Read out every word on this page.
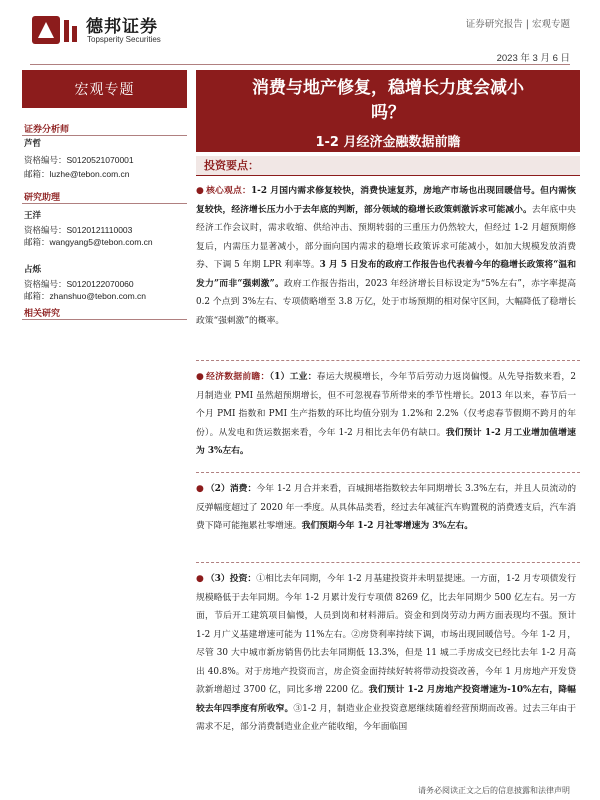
德邦证券
Topsperity Securities
证券研究报告 | 宏观专题
2023 年 3 月 6 日
宏观专题
证券分析师
芦哲
资格编号：S0120521070001
邮箱：luzhe@tebon.com.cn
研究助理
王洋
资格编号：S0120121110003
邮箱：wangyang5@tebon.com.cn
占烁
资格编号：S0120122070060
邮箱：zhanshuo@tebon.com.cn
相关研究
消费与地产修复，稳增长力度会减小
吗？
1-2 月经济金融数据前瞻
投资要点：
● 核心观点：1-2 月国内需求修复较快，消费快速复苏，房地产市场也出现回暖信号。但内需恢复较快，经济增长压力小于去年底的判断，部分领域的稳增长政策刺激诉求可能减小。去年底中央经济工作会议时，需求收缩、供给冲击、预期转弱的三重压力仍然较大，但经过 1-2 月超预期修复后，内需压力显著减小，部分面向国内需求的稳增长政策诉求可能减小，如加大规模发放消费券、下调 5 年期 LPR 利率等。3 月 5 日发布的政府工作报告也代表着今年的稳增长政策将“温和发力”而非“强刺激”。政府工作报告指出，2023 年经济增长目标设定为“5%左右”，赤字率提高 0.2 个点到 3%左右、专项债略增至 3.8 万亿，处于市场预期的相对保守区间，大幅降低了稳增长政策“强刺激”的概率。
● 经济数据前瞻：（1）工业：春运大规模增长，今年节后劳动力返岗偏慢。从先导指数来看，2 月制造业 PMI 虽然超预期增长，但不可忽视春节所带来的季节性增长。2013 年以来，春节后一个月 PMI 指数和 PMI 生产指数的环比均值分别为 1.2%和 2.2%（仅考虑春节假期不跨月的年份）。从发电和货运数据来看，今年 1-2 月相比去年仍有缺口。我们预计 1-2 月工业增加值增速为 3%左右。
● （2）消费：今年 1-2 月合并来看，百城拥堵指数较去年同期增长 3.3%左右，并且人员流动的反弹幅度超过了 2020 年一季度。从具体品类看，经过去年减征汽车购置税的消费透支后，汽车消费下降可能拖累社零增速。我们预期今年 1-2 月社零增速为 3%左右。
● （3）投资：①相比去年同期，今年 1-2 月基建投资并未明显提速。一方面，1-2 月专项债发行规模略低于去年同期。今年 1-2 月累计发行专项债 8269 亿，比去年同期少 500 亿左右。另一方面，节后开工建筑项目偏慢，人员到岗和材料滞后。资金和到岗劳动力两方面表现均不强。预计 1-2 月广义基建增速可能为 11%左右。②房贷利率持续下调，市场出现回暖信号。今年 1-2 月，尽管 30 大中城市新房销售仍比去年同期低 13.3%，但是 11 城二手房成交已经比去年 1-2 月高出 40.8%。对于房地产投资而言，房企资金面持续好转将带动投资改善，今年 1 月房地产开发贷款新增超过 3700 亿，同比多增 2200 亿。我们预计 1-2 月房地产投资增速为-10%左右，降幅较去年四季度有所收窄。③1-2 月，制造业企业投资意愿继续随着经营预期而改善。过去三年由于需求不足，部分消费制造业企业产能收缩，今年面临国
请务必阅读正文之后的信息披露和法律声明
